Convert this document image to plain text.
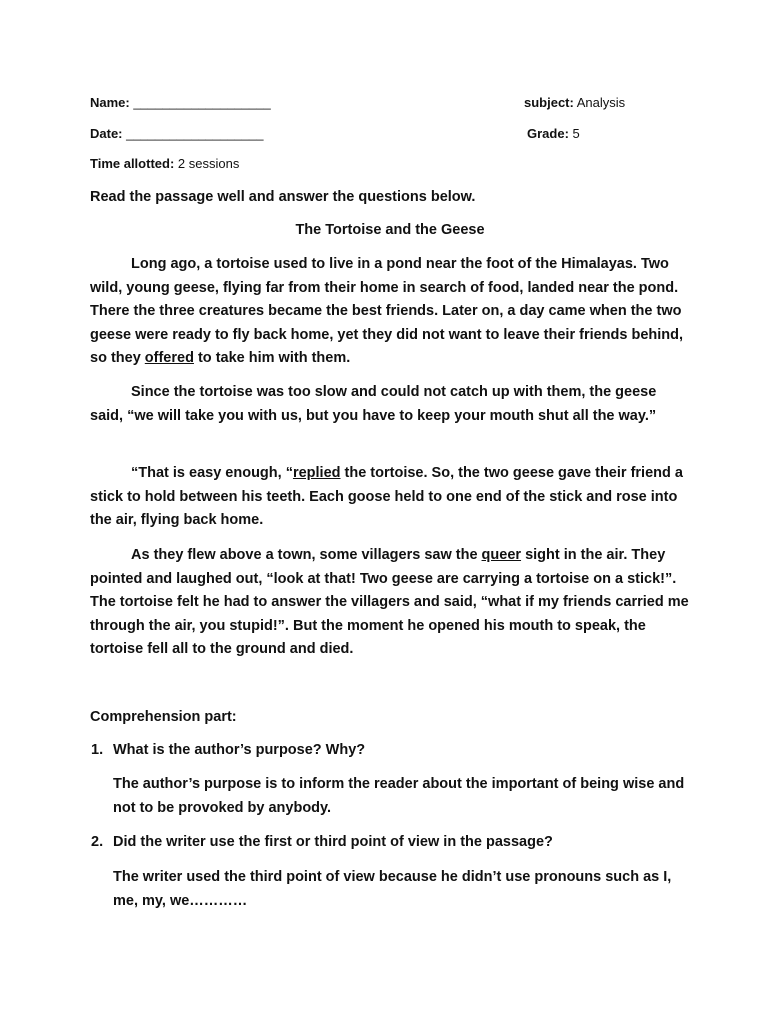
Name: ___________________	subject: Analysis
Date: ___________________	Grade: 5
Time allotted: 2 sessions
Read the passage well and answer the questions below.
The Tortoise and the Geese

Long ago, a tortoise used to live in a pond near the foot of the Himalayas. Two wild, young geese, flying far from their home in search of food, landed near the pond. There the three creatures became the best friends. Later on, a day came when the two geese were ready to fly back home, yet they did not want to leave their friends behind, so they offered to take him with them.

Since the tortoise was too slow and could not catch up with them, the geese said, “we will take you with us, but you have to keep your mouth shut all the way.”

“That is easy enough, “replied the tortoise. So, the two geese gave their friend a stick to hold between his teeth. Each goose held to one end of the stick and rose into the air, flying back home.

As they flew above a town, some villagers saw the queer sight in the air. They pointed and laughed out, “look at that! Two geese are carrying a tortoise on a stick!”. The tortoise felt he had to answer the villagers and said, “what if my friends carried me through the air, you stupid!”. But the moment he opened his mouth to speak, the tortoise fell all to the ground and died.

Comprehension part:
1. What is the author’s purpose? Why?
The author’s purpose is to inform the reader about the important of being wise and not to be provoked by anybody.
2. Did the writer use the first or third point of view in the passage?
The writer used the third point of view because he didn’t use pronouns such as I, me, my, we…………
